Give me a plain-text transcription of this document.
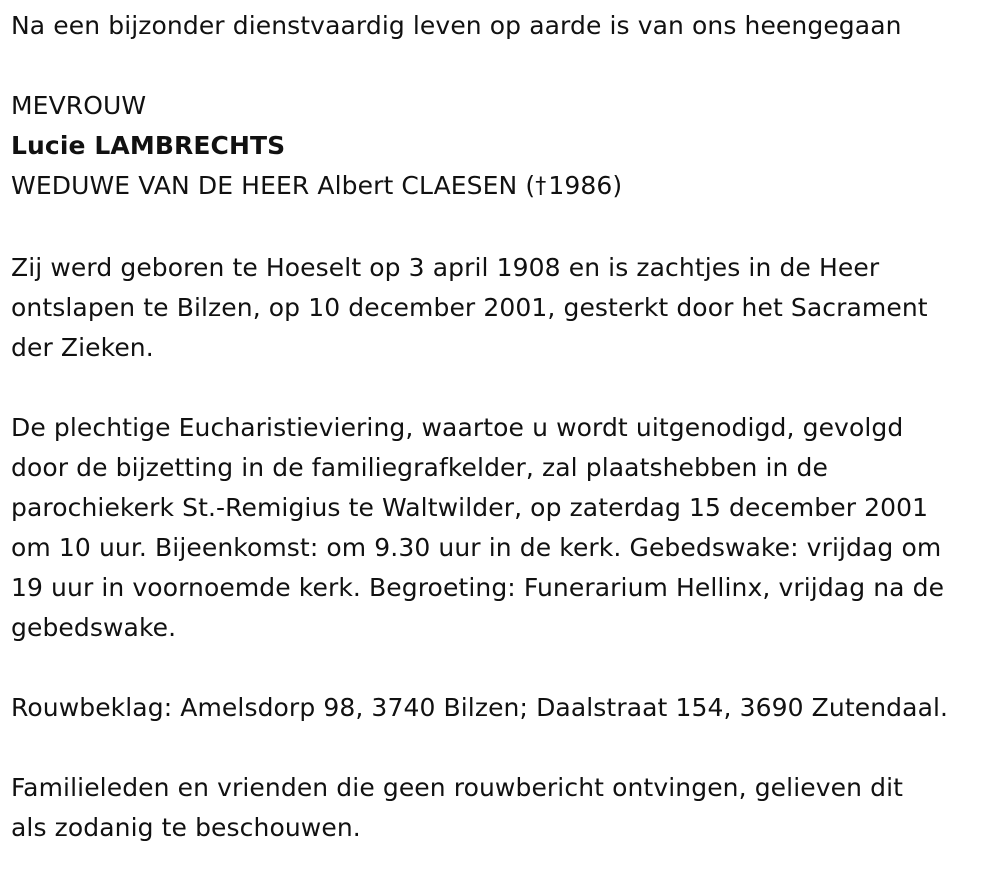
Na een bijzonder dienstvaardig leven op aarde is van ons heengegaan
MEVROUW
Lucie LAMBRECHTS
WEDUWE VAN DE HEER Albert CLAESEN (†1986)
Zij werd geboren te Hoeselt op 3 april 1908 en is zachtjes in de Heer
ontslapen te Bilzen, op 10 december 2001, gesterkt door het Sacrament
der Zieken.
De plechtige Eucharistieviering, waartoe u wordt uitgenodigd, gevolgd
door de bijzetting in de familiegrafkelder, zal plaatshebben in de
parochiekerk St.-Remigius te Waltwilder, op zaterdag 15 december 2001
om 10 uur. Bijeenkomst: om 9.30 uur in de kerk. Gebedswake: vrijdag om
19 uur in voornoemde kerk. Begroeting: Funerarium Hellinx, vrijdag na de
gebedswake.
Rouwbeklag: Amelsdorp 98, 3740 Bilzen; Daalstraat 154, 3690 Zutendaal.
Familieleden en vrienden die geen rouwbericht ontvingen, gelieven dit
als zodanig te beschouwen.
